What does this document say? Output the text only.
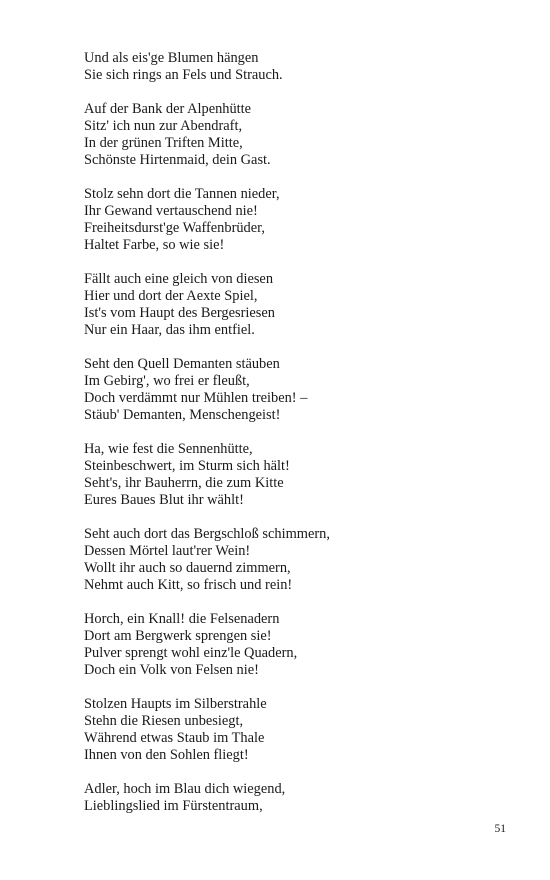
Und als eis'ge Blumen hängen
Sie sich rings an Fels und Strauch.
Auf der Bank der Alpenhütte
Sitz' ich nun zur Abendraft,
In der grünen Triften Mitte,
Schönste Hirtenmaid, dein Gast.
Stolz sehn dort die Tannen nieder,
Ihr Gewand vertauschend nie!
Freiheitsdurst'ge Waffenbrüder,
Haltet Farbe, so wie sie!
Fällt auch eine gleich von diesen
Hier und dort der Aexte Spiel,
Ist's vom Haupt des Bergesriesen
Nur ein Haar, das ihm entfiel.
Seht den Quell Demanten stäuben
Im Gebirg', wo frei er fleußt,
Doch verdämmt nur Mühlen treiben! –
Stäub' Demanten, Menschengeist!
Ha, wie fest die Sennenhütte,
Steinbeschwert, im Sturm sich hält!
Seht's, ihr Bauherrn, die zum Kitte
Eures Baues Blut ihr wählt!
Seht auch dort das Bergschloß schimmern,
Dessen Mörtel laut'rer Wein!
Wollt ihr auch so dauernd zimmern,
Nehmt auch Kitt, so frisch und rein!
Horch, ein Knall! die Felsenadern
Dort am Bergwerk sprengen sie!
Pulver sprengt wohl einz'le Quadern,
Doch ein Volk von Felsen nie!
Stolzen Haupts im Silberstrahle
Stehn die Riesen unbesiegt,
Während etwas Staub im Thale
Ihnen von den Sohlen fliegt!
Adler, hoch im Blau dich wiegend,
Lieblingslied im Fürstentraum,
51
